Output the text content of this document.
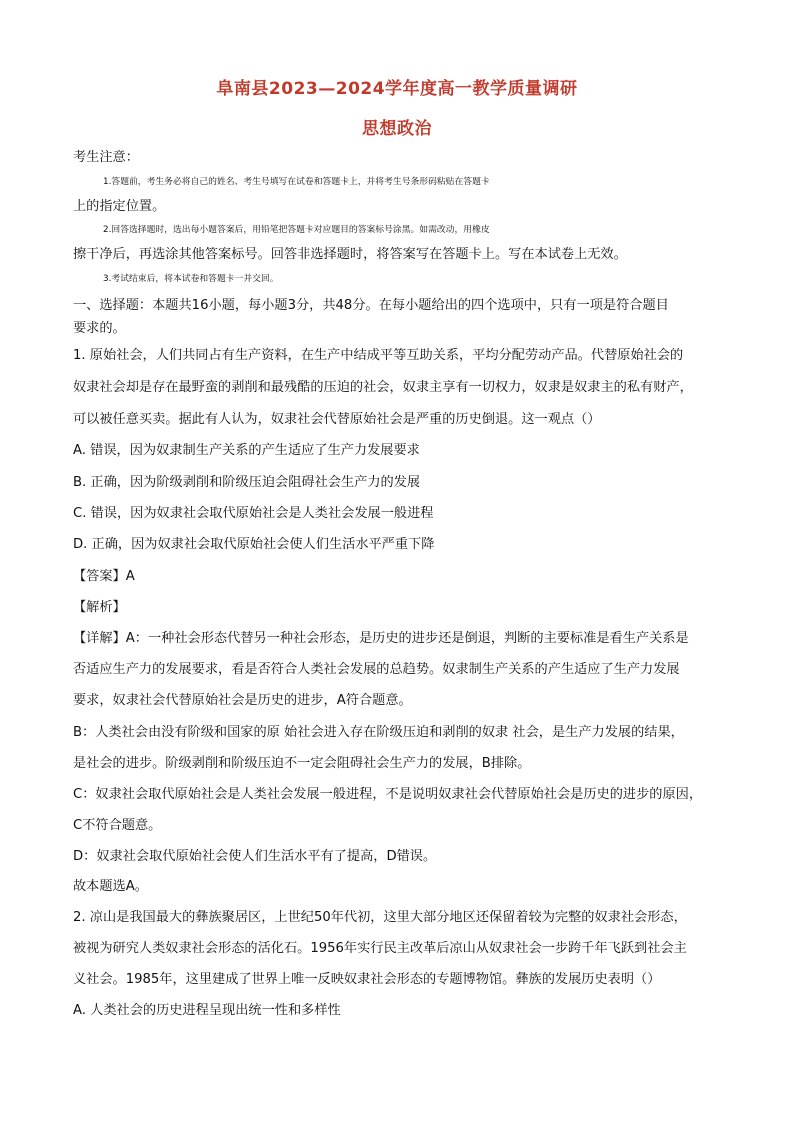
阜南县2023—2024学年度高一教学质量调研
思想政治
考生注意：
1.答题前，考生务必将自己的姓名、考生号填写在试卷和答题卡上，并将考生号条形码粘贴在答题卡
上的指定位置。
2.回答选择题时，选出每小题答案后，用铅笔把答题卡对应题目的答案标号涂黑。如需改动，用橡皮
擦干净后，再选涂其他答案标号。回答非选择题时，将答案写在答题卡上。写在本试卷上无效。
3.考试结束后，将本试卷和答题卡一并交回。
一、选择题：本题共16小题，每小题3分，共48分。在每小题给出的四个选项中，只有一项是符合题目
要求的。
1. 原始社会，人们共同占有生产资料，在生产中结成平等互助关系，平均分配劳动产品。代替原始社会的
奴隶社会却是存在最野蛮的剥削和最残酷的压迫的社会，奴隶主享有一切权力，奴隶是奴隶主的私有财产，
可以被任意买卖。据此有人认为，奴隶社会代替原始社会是严重的历史倒退。这一观点（）
A. 错误，因为奴隶制生产关系的产生适应了生产力发展要求
B. 正确，因为阶级剥削和阶级压迫会阻碍社会生产力的发展
C. 错误，因为奴隶社会取代原始社会是人类社会发展一般进程
D. 正确，因为奴隶社会取代原始社会使人们生活水平严重下降
【答案】A
【解析】
【详解】A：一种社会形态代替另一种社会形态，是历史的进步还是倒退，判断的主要标准是看生产关系是
否适应生产力的发展要求，看是否符合人类社会发展的总趋势。奴隶制生产关系的产生适应了生产力发展
要求，奴隶社会代替原始社会是历史的进步，A符合题意。
B：人类社会由没有阶级和国家的原 始社会进入存在阶级压迫和剥削的奴隶 社会，是生产力发展的结果，
是社会的进步。阶级剥削和阶级压迫不一定会阻碍社会生产力的发展，B排除。
C：奴隶社会取代原始社会是人类社会发展一般进程，不是说明奴隶社会代替原始社会是历史的进步的原因，
C不符合题意。
D：奴隶社会取代原始社会使人们生活水平有了提高，D错误。
故本题选A。
2. 凉山是我国最大的彝族聚居区，上世纪50年代初，这里大部分地区还保留着较为完整的奴隶社会形态，
被视为研究人类奴隶社会形态的活化石。1956年实行民主改革后凉山从奴隶社会一步跨千年飞跃到社会主
义社会。1985年，这里建成了世界上唯一反映奴隶社会形态的专题博物馆。彝族的发展历史表明（）
A. 人类社会的历史进程呈现出统一性和多样性
